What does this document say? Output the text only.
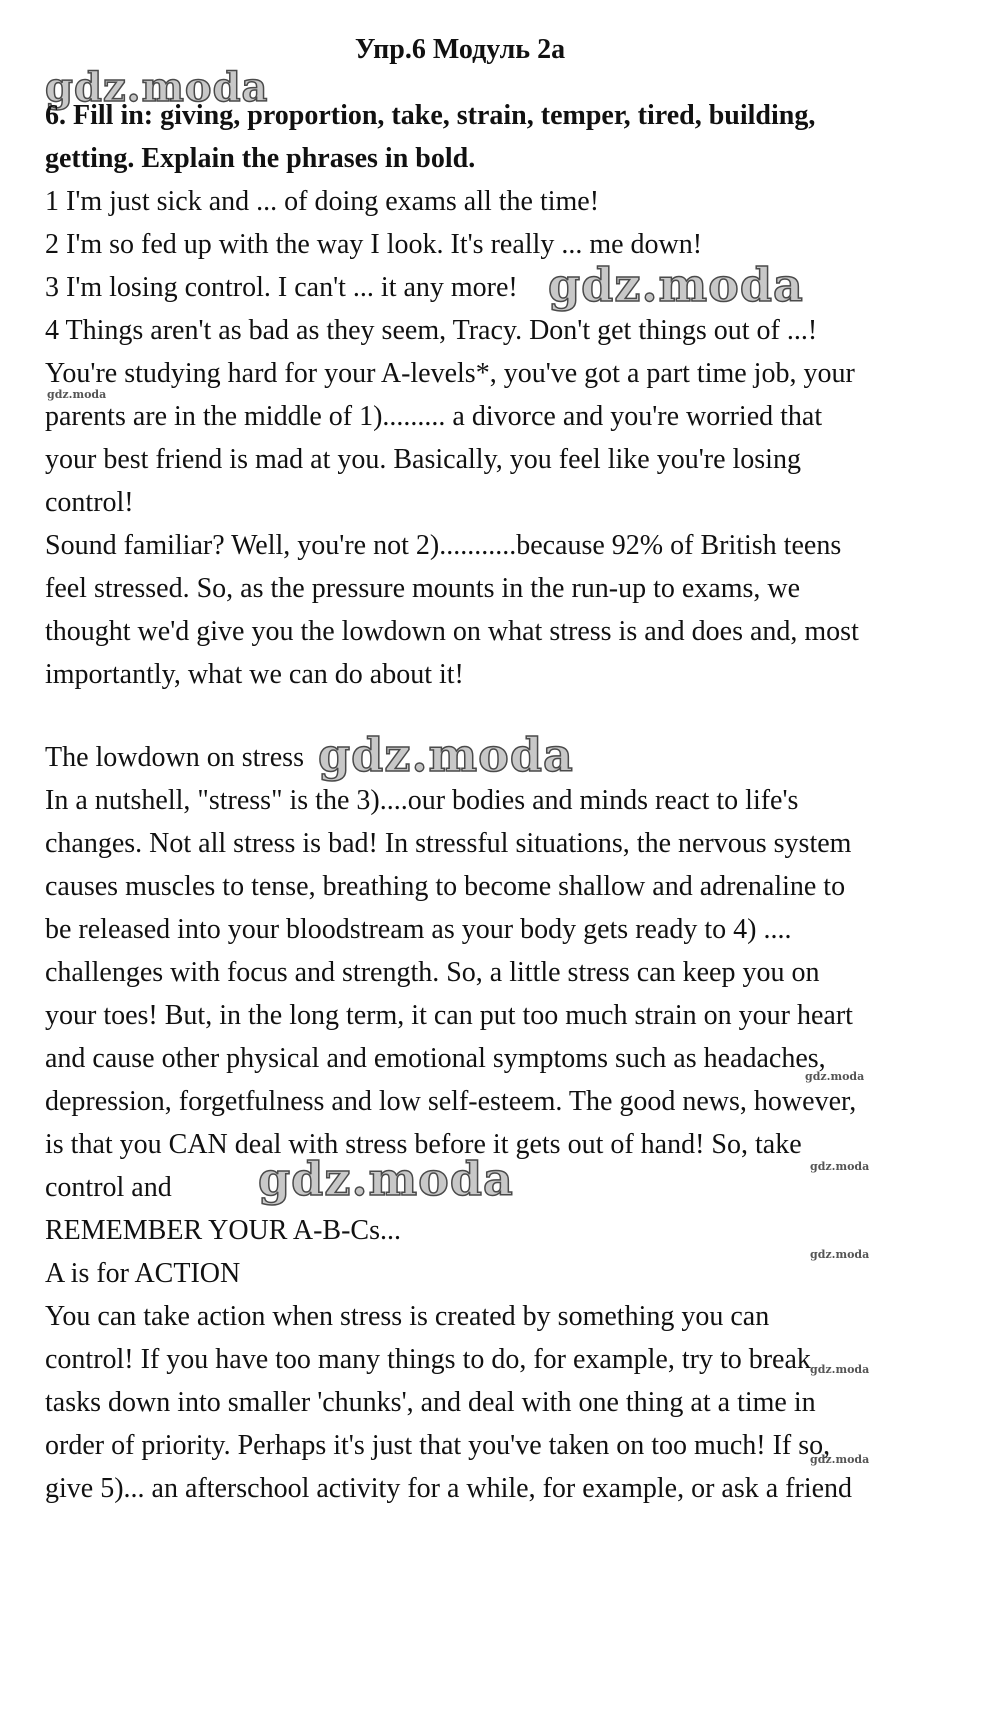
Упр.6 Модуль 2а
gdz.moda
6. Fill in: giving, proportion, take, strain, temper, tired, building,
getting. Explain the phrases in bold.
1 I'm just sick and ... of doing exams all the time!
2 I'm so fed up with the way I look. It's really ... me down!
3 I'm losing control. I can't ... it any more!
4 Things aren't as bad as they seem, Tracy. Don't get things out of ...!
You're studying hard for your A-levels*, you've got a part time job, your
parents are in the middle of 1)......... a divorce and you're worried that
your best friend is mad at you. Basically, you feel like you're losing
control!
Sound familiar? Well, you're not 2)...........because 92% of British teens
feel stressed. So, as the pressure mounts in the run-up to exams, we
thought we'd give you the lowdown on what stress is and does and, most
importantly, what we can do about it!
The lowdown on stress
In a nutshell, "stress" is the 3)....our bodies and minds react to life's
changes. Not all stress is bad! In stressful situations, the nervous system
causes muscles to tense, breathing to become shallow and adrenaline to
be released into your bloodstream as your body gets ready to 4) ....
challenges with focus and strength. So, a little stress can keep you on
your toes! But, in the long term, it can put too much strain on your heart
and cause other physical and emotional symptoms such as headaches,
depression, forgetfulness and low self-esteem. The good news, however,
is that you CAN deal with stress before it gets out of hand! So, take
control and
REMEMBER YOUR A-B-Cs...
A is for ACTION
You can take action when stress is created by something you can
control! If you have too many things to do, for example, try to break
tasks down into smaller 'chunks', and deal with one thing at a time in
order of priority. Perhaps it's just that you've taken on too much! If so,
give 5)... an afterschool activity for a while, for example, or ask a friend
gdz.moda
gdz.moda
gdz.moda
gdz.moda
gdz.moda	gdz.moda
gdz.moda
gdz.moda
gdz.moda
